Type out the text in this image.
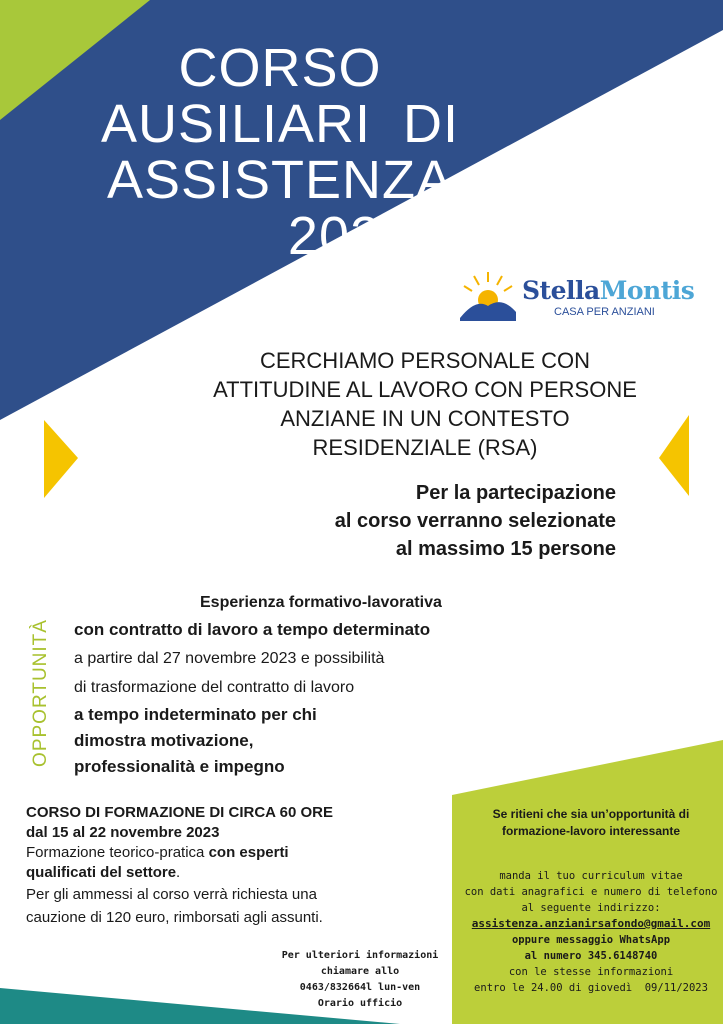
CORSO
AUSILIARI  DI
ASSISTENZA
2023
StellaMontis
CASA PER ANZIANI
CERCHIAMO PERSONALE CON
ATTITUDINE AL LAVORO CON PERSONE
ANZIANE IN UN CONTESTO
RESIDENZIALE (RSA)
Per la partecipazione
al corso verranno selezionate
al massimo 15 persone
OPPORTUNITÀ
Esperienza formativo-lavorativa
con contratto di lavoro a tempo determinato
a partire dal 27 novembre 2023 e possibilità
di trasformazione del contratto di lavoro
a tempo indeterminato per chi
dimostra motivazione,
professionalità e impegno
CORSO DI FORMAZIONE DI CIRCA 60 ORE
dal 15 al 22 novembre 2023
Formazione teorico-pratica con esperti
qualificati del settore.
Per gli ammessi al corso verrà richiesta una
cauzione di 120 euro, rimborsati agli assunti.
Per ulteriori informazioni
chiamare allo
0463/832664l lun-ven
Orario ufficio
Se ritieni che sia un’opportunità di
formazione-lavoro interessante
manda il tuo curriculum vitae
con dati anagrafici e numero di telefono
al seguente indirizzo:
assistenza.anzianirsafondo@gmail.com
oppure messaggio WhatsApp
al numero 345.6148740
con le stesse informazioni
entro le 24.00 di giovedì  09/11/2023
